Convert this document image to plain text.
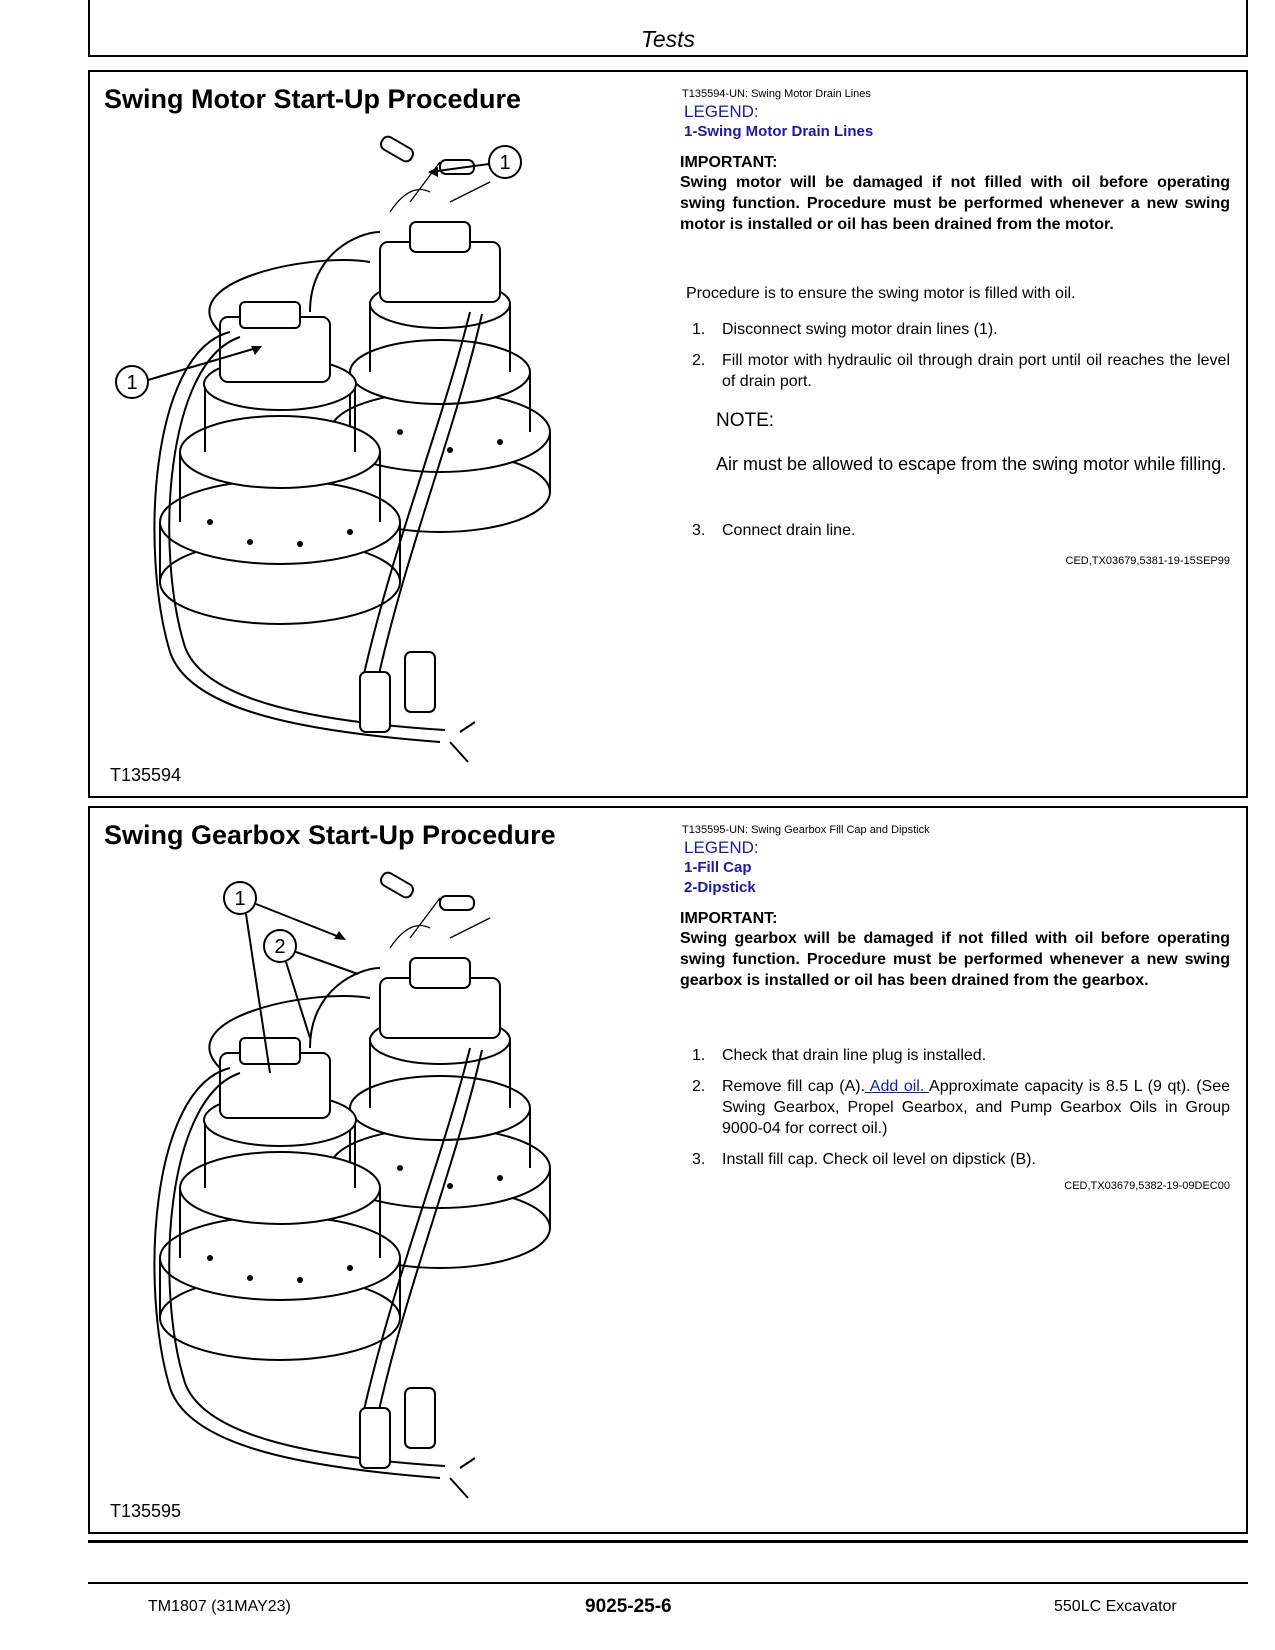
Tests
Swing Motor Start-Up Procedure
1
1
T135594
T135594-UN: Swing Motor Drain Lines
LEGEND:
1-Swing Motor Drain Lines
IMPORTANT:
Swing motor will be damaged if not filled with oil before operating swing function. Procedure must be performed whenever a new swing motor is installed or oil has been drained from the motor.
Procedure is to ensure the swing motor is filled with oil.
1. Disconnect swing motor drain lines (1).
2. Fill motor with hydraulic oil through drain port until oil reaches the level of drain port.
NOTE:
Air must be allowed to escape from the swing motor while filling.
3. Connect drain line.
CED,TX03679,5381-19-15SEP99
Swing Gearbox Start-Up Procedure
1
2
T135595
T135595-UN: Swing Gearbox Fill Cap and Dipstick
LEGEND:
1-Fill Cap
2-Dipstick
IMPORTANT:
Swing gearbox will be damaged if not filled with oil before operating swing function. Procedure must be performed whenever a new swing gearbox is installed or oil has been drained from the gearbox.
1. Check that drain line plug is installed.
2. Remove fill cap (A). Add oil. Approximate capacity is 8.5 L (9 qt). (See Swing Gearbox, Propel Gearbox, and Pump Gearbox Oils in Group 9000-04 for correct oil.)
3. Install fill cap. Check oil level on dipstick (B).
CED,TX03679,5382-19-09DEC00
TM1807 (31MAY23)	9025-25-6	550LC Excavator
